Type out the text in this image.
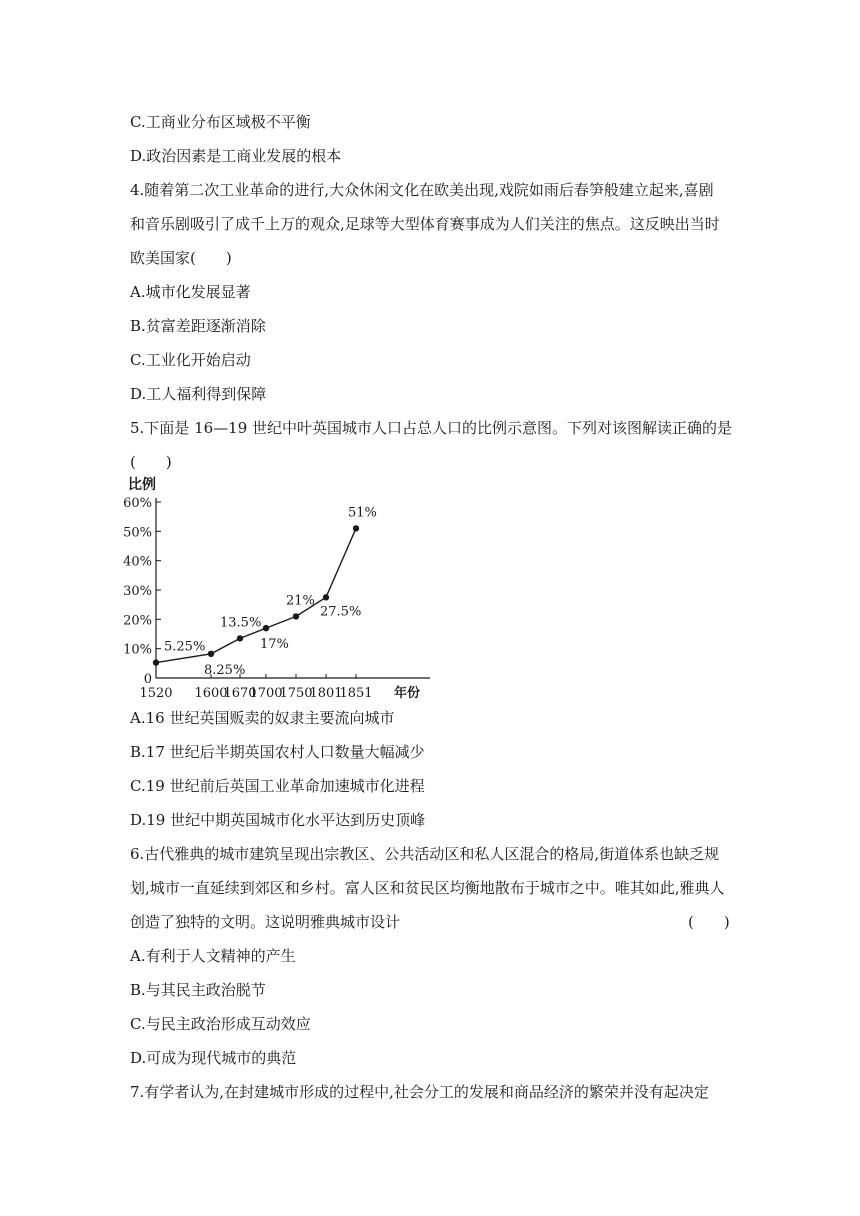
C.工商业分布区域极不平衡
D.政治因素是工商业发展的根本
4.随着第二次工业革命的进行,大众休闲文化在欧美出现,戏院如雨后春笋般建立起来,喜剧
和音乐剧吸引了成千上万的观众,足球等大型体育赛事成为人们关注的焦点。这反映出当时
欧美国家(　　)
A.城市化发展显著
B.贫富差距逐渐消除
C.工业化开始启动
D.工人福利得到保障
5.下面是 16—19 世纪中叶英国城市人口占总人口的比例示意图。下列对该图解读正确的是
(　　)
比例
年份
0
10%
20%
30%
40%
50%
60%
1520 1600
1670
1700
1750
1801
1851
5.25%
8.25%
13.5%
17%
21%
27.5%
51%
A.16 世纪英国贩卖的奴隶主要流向城市
B.17 世纪后半期英国农村人口数量大幅减少
C.19 世纪前后英国工业革命加速城市化进程
D.19 世纪中期英国城市化水平达到历史顶峰
6.古代雅典的城市建筑呈现出宗教区、公共活动区和私人区混合的格局,街道体系也缺乏规
划,城市一直延续到郊区和乡村。富人区和贫民区均衡地散布于城市之中。唯其如此,雅典人
创造了独特的文明。这说明雅典城市设计	(　　)
A.有利于人文精神的产生
B.与其民主政治脱节
C.与民主政治形成互动效应
D.可成为现代城市的典范
7.有学者认为,在封建城市形成的过程中,社会分工的发展和商品经济的繁荣并没有起决定
